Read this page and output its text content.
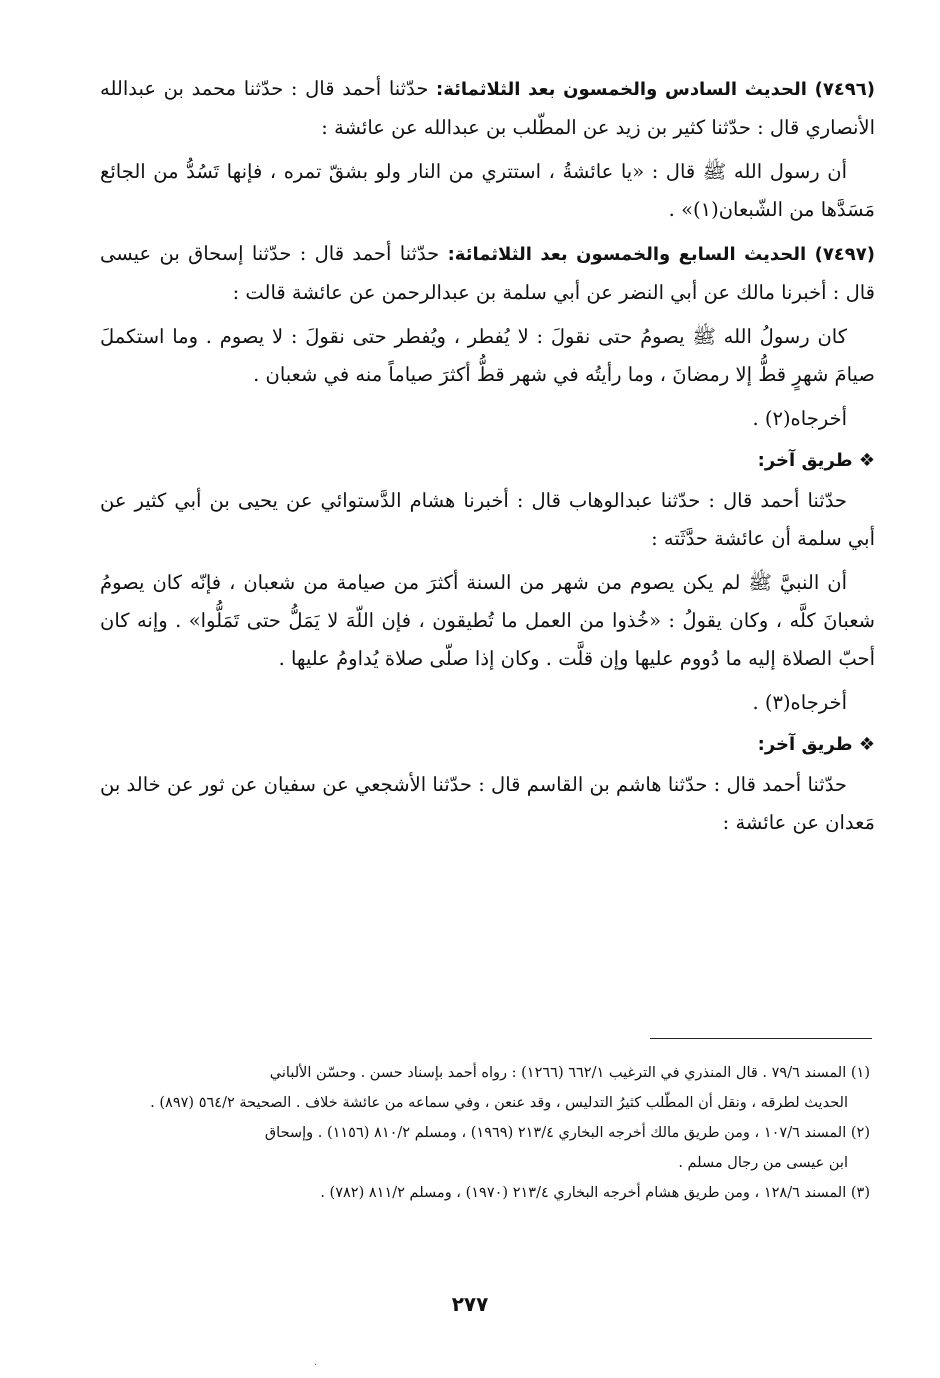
(٧٤٩٦) الحديث السادس والخمسون بعد الثلاثمائة: حدّثنا أحمد قال : حدّثنا محمد بن عبدالله الأنصاري قال : حدّثنا كثير بن زيد عن المطّلب بن عبدالله عن عائشة :

أن رسول الله ﷺ قال : «يا عائشةُ ، استتري من النار ولو بشقّ تمره ، فإنها تَسُدُّ من الجائع مَسَدَّها من الشّبعان(١)» .

(٧٤٩٧) الحديث السابع والخمسون بعد الثلاثمائة: حدّثنا أحمد قال : حدّثنا إسحاق بن عيسى قال : أخبرنا مالك عن أبي النضر عن أبي سلمة بن عبدالرحمن عن عائشة قالت :

كان رسولُ الله ﷺ يصومُ حتى نقولَ : لا يُفطر ، ويُفطر حتى نقولَ : لا يصوم . وما استكملَ صيامَ شهرٍ قطُّ إلا رمضانَ ، وما رأيتُه في شهر قطُّ أكثرَ صياماً منه في شعبان .

أخرجاه(٢) .

❖ طريق آخر:

حدّثنا أحمد قال : حدّثنا عبدالوهاب قال : أخبرنا هشام الدَّستوائي عن يحيى بن أبي كثير عن أبي سلمة أن عائشة حدَّثَته :

أن النبيَّ ﷺ لم يكن يصوم من شهر من السنة أكثرَ من صيامة من شعبان ، فإنّه كان يصومُ شعبانَ كلَّه ، وكان يقولُ : «خُذوا من العمل ما تُطيقون ، فإن اللّهَ لا يَمَلُّ حتى تَمَلُّوا» . وإنه كان أحبّ الصلاة إليه ما دُووم عليها وإن قلَّت . وكان إذا صلّى صلاة يُداومُ عليها .

أخرجاه(٣) .

❖ طريق آخر:

حدّثنا أحمد قال : حدّثنا هاشم بن القاسم قال : حدّثنا الأشجعي عن سفيان عن ثور عن خالد بن مَعدان عن عائشة :

(١) المسند ٧٩/٦ . قال المنذري في الترغيب ٦٦٢/١ (١٢٦٦) : رواه أحمد بإسناد حسن . وحسّن الألباني
الحديث لطرقه ، ونقل أن المطّلب كثيرُ التدليس ، وقد عنعن ، وفي سماعه من عائشة خلاف . الصحيحة ٥٦٤/٢ (٨٩٧) .

(٢) المسند ١٠٧/٦ ، ومن طريق مالك أخرجه البخاري ٢١٣/٤ (١٩٦٩) ، ومسلم ٨١٠/٢ (١١٥٦) . وإسحاق
ابن عيسى من رجال مسلم .

(٣) المسند ١٢٨/٦ ، ومن طريق هشام أخرجه البخاري ٢١٣/٤ (١٩٧٠) ، ومسلم ٨١١/٢ (٧٨٢) .

٢٧٧
·
